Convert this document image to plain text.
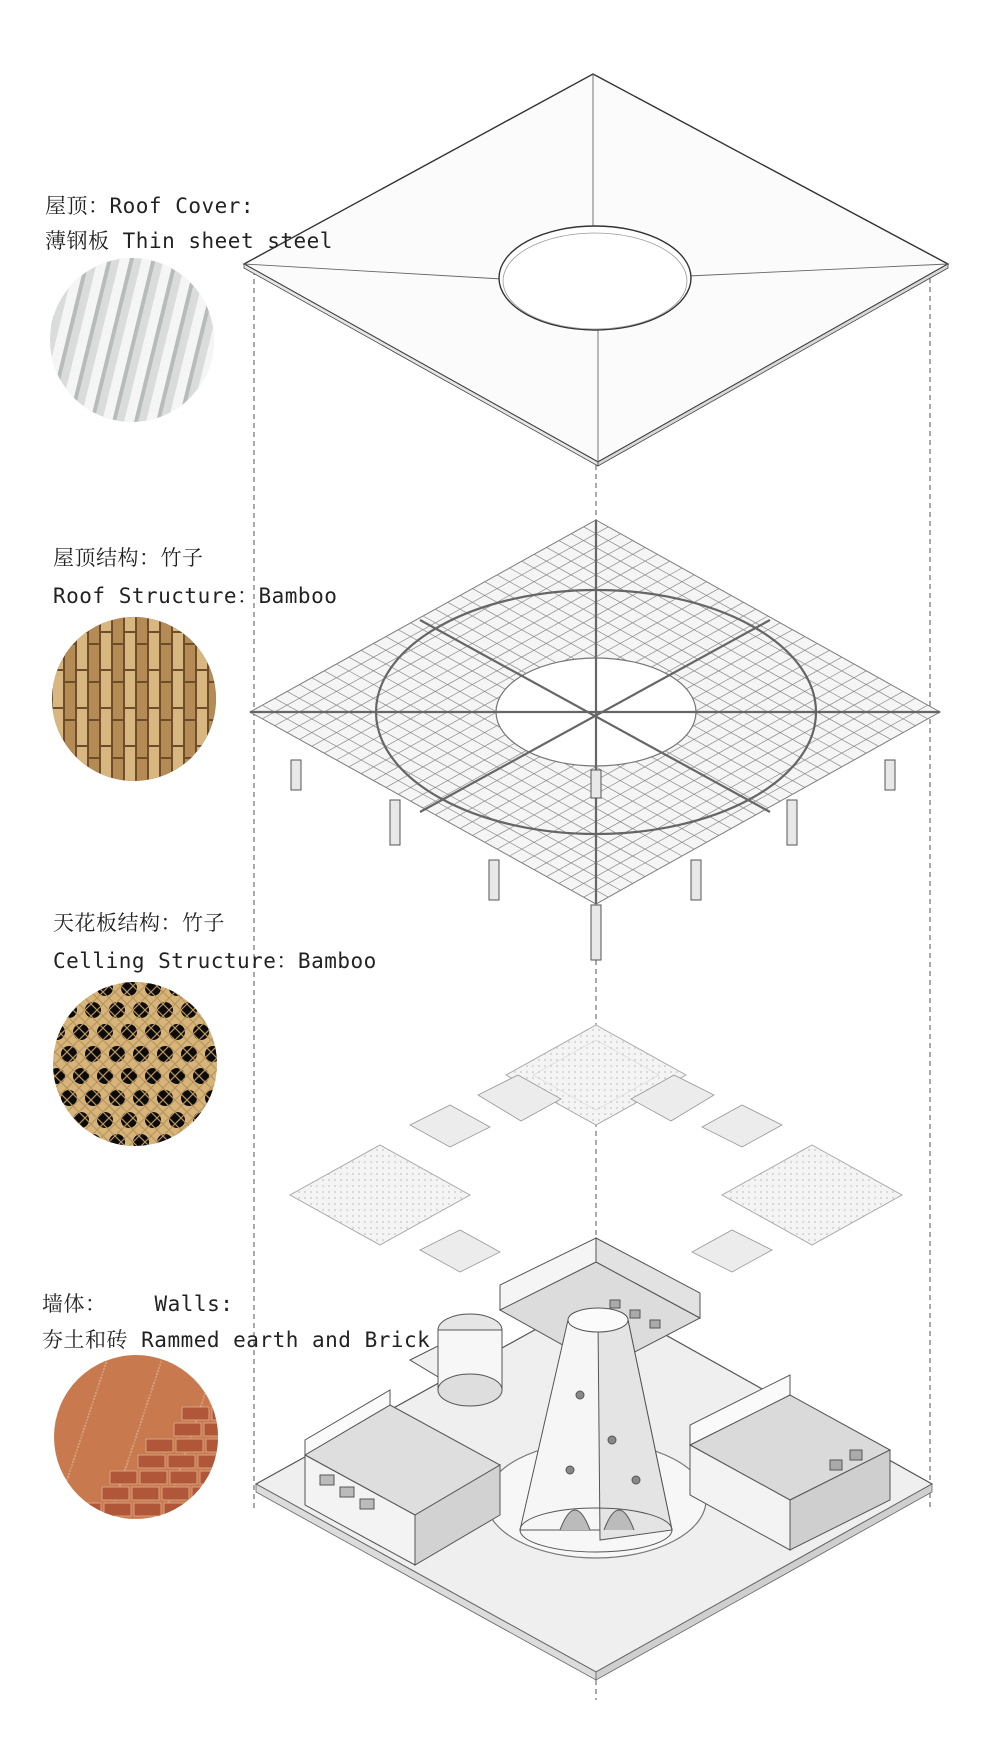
屋顶：Roof Cover:
薄钢板 Thin sheet steel
屋顶结构：竹子
Roof Structure：Bamboo
天花板结构：竹子
Celling Structure：Bamboo
墙体： Walls:
夯土和砖 Rammed earth and Brick
